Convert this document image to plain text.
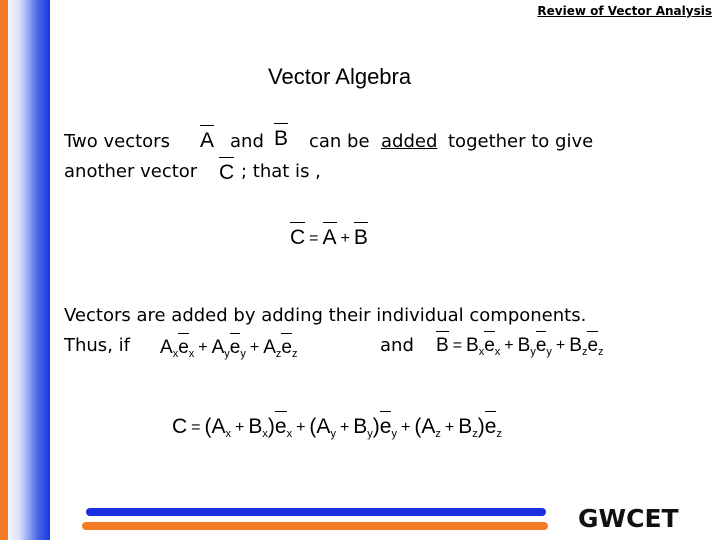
Review of Vector Analysis
Vector Algebra
Two vectors A and B can be added together to give
another vector C ; that is ,
C = A + B
Vectors are added by adding their individual components.
Thus, if $A_xe_x + A_ye_y + A_ze_z$	and $B = B_xe_x + B_ye_y + B_ze_z$
$C = (A_x + B_x)e_x + (A_y + B_y)e_y + (A_z + B_z)e_z$
GWCET
